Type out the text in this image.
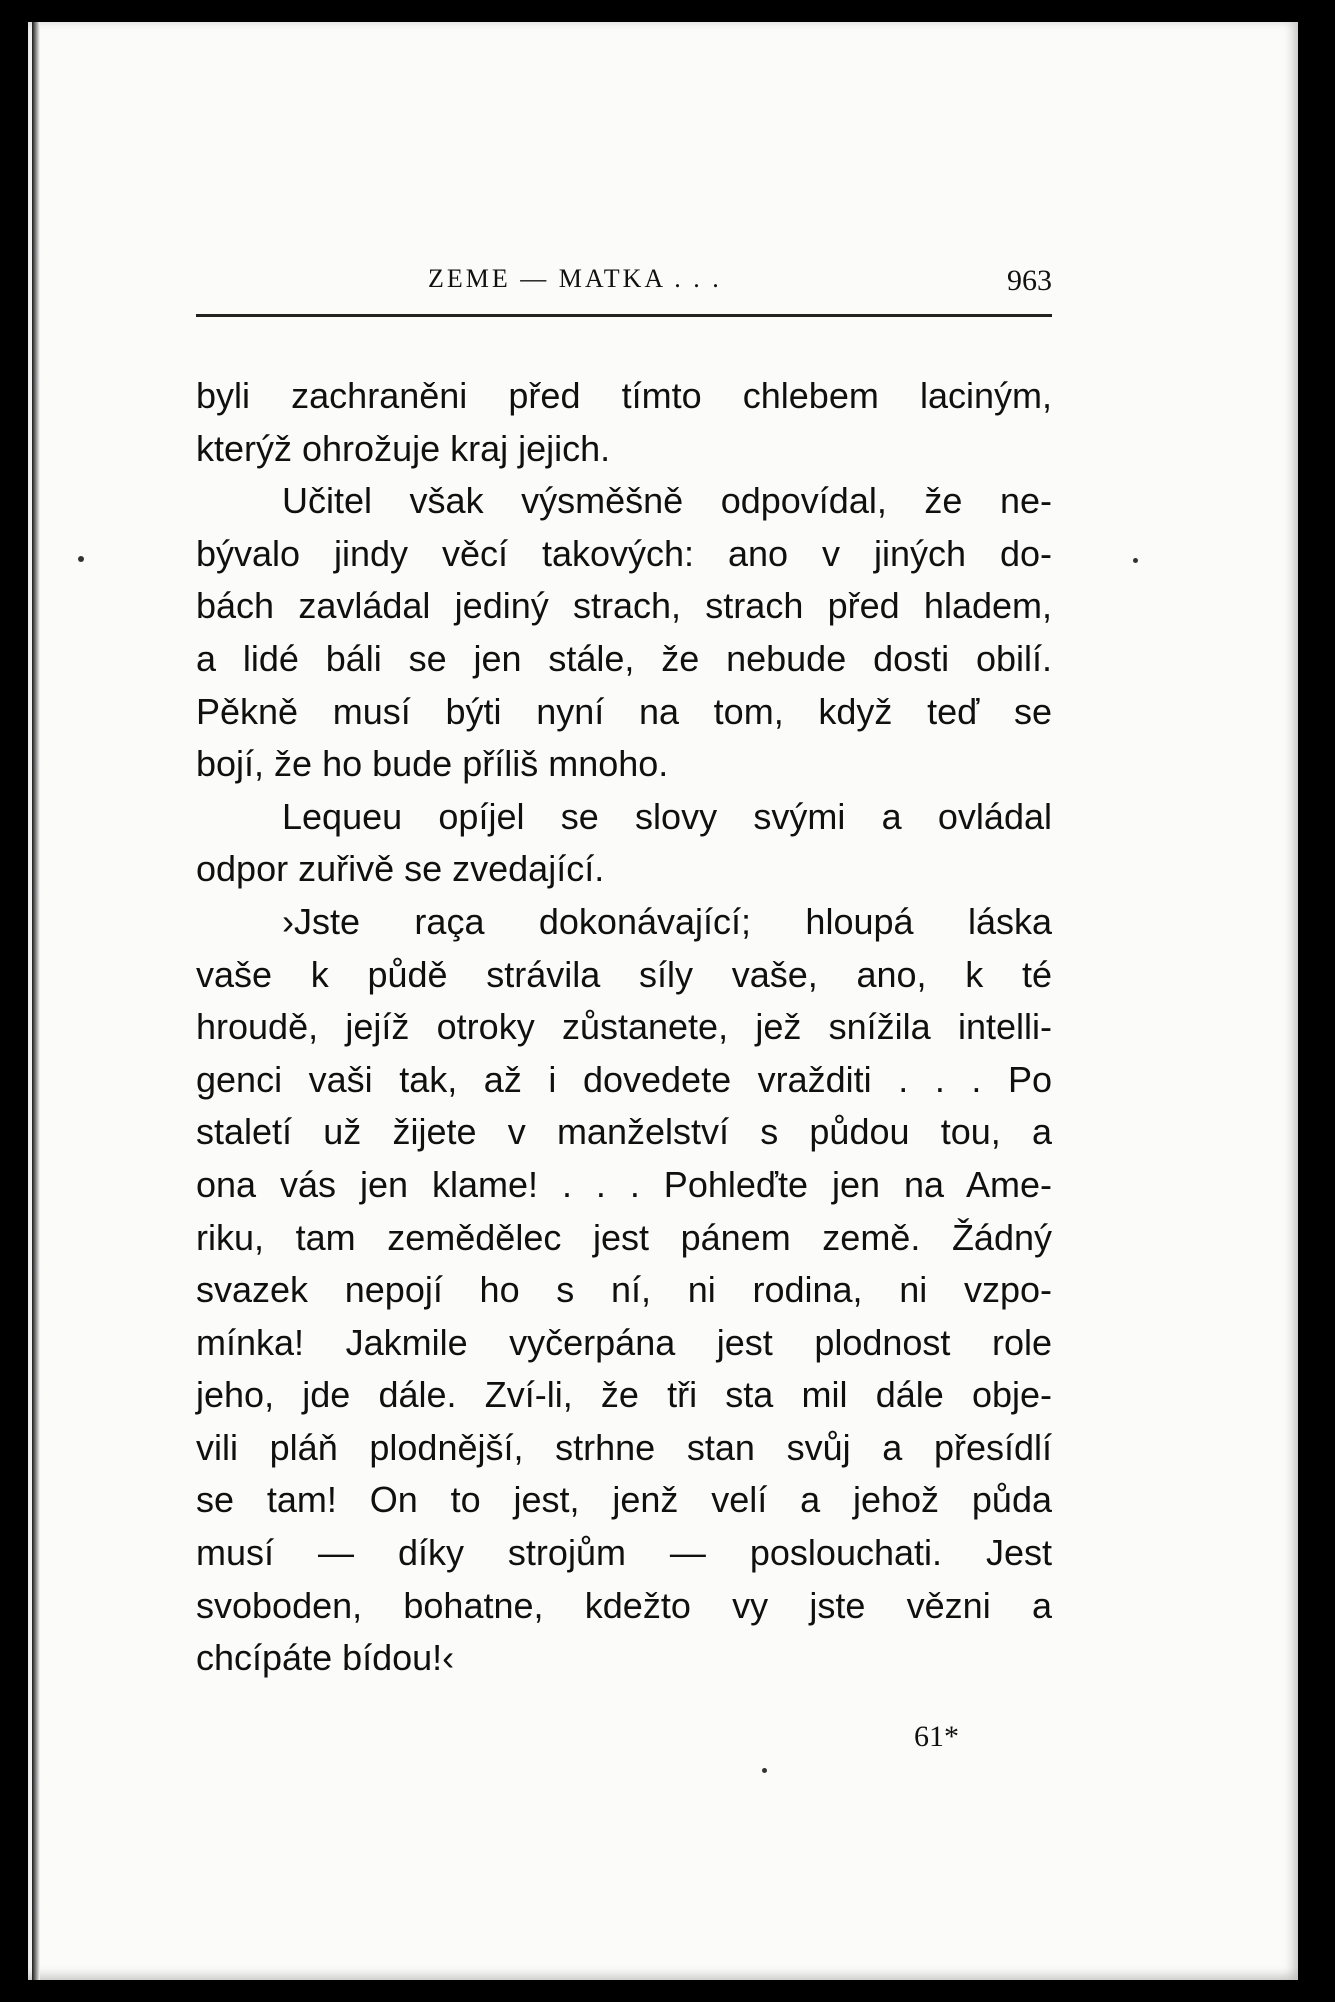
ZEME — MATKA . . .	963
byli zachraněni před tímto chlebem laciným,
kterýž ohrožuje kraj jejich.
Učitel však výsměšně odpovídal, že ne-
bývalo jindy věcí takových: ano v jiných do-
bách zavládal jediný strach, strach před hladem,
a lidé báli se jen stále, že nebude dosti obilí.
Pěkně musí býti nyní na tom, když teď se
bojí, že ho bude příliš mnoho.
Lequeu opíjel se slovy svými a ovládal
odpor zuřivě se zvedající.
›Jste raça dokonávající; hloupá láska
vaše k půdě strávila síly vaše, ano, k té
hroudě, jejíž otroky zůstanete, jež snížila intelli-
genci vaši tak, až i dovedete vražditi . . . Po
staletí už žijete v manželství s půdou tou, a
ona vás jen klame! . . . Pohleďte jen na Ame-
riku, tam zemědělec jest pánem země. Žádný
svazek nepojí ho s ní, ni rodina, ni vzpo-
mínka! Jakmile vyčerpána jest plodnost role
jeho, jde dále. Zví-li, že tři sta mil dále obje-
vili pláň plodnější, strhne stan svůj a přesídlí
se tam! On to jest, jenž velí a jehož půda
musí — díky strojům — poslouchati. Jest
svoboden, bohatne, kdežto vy jste vězni a
chcípáte bídou!‹
61*
